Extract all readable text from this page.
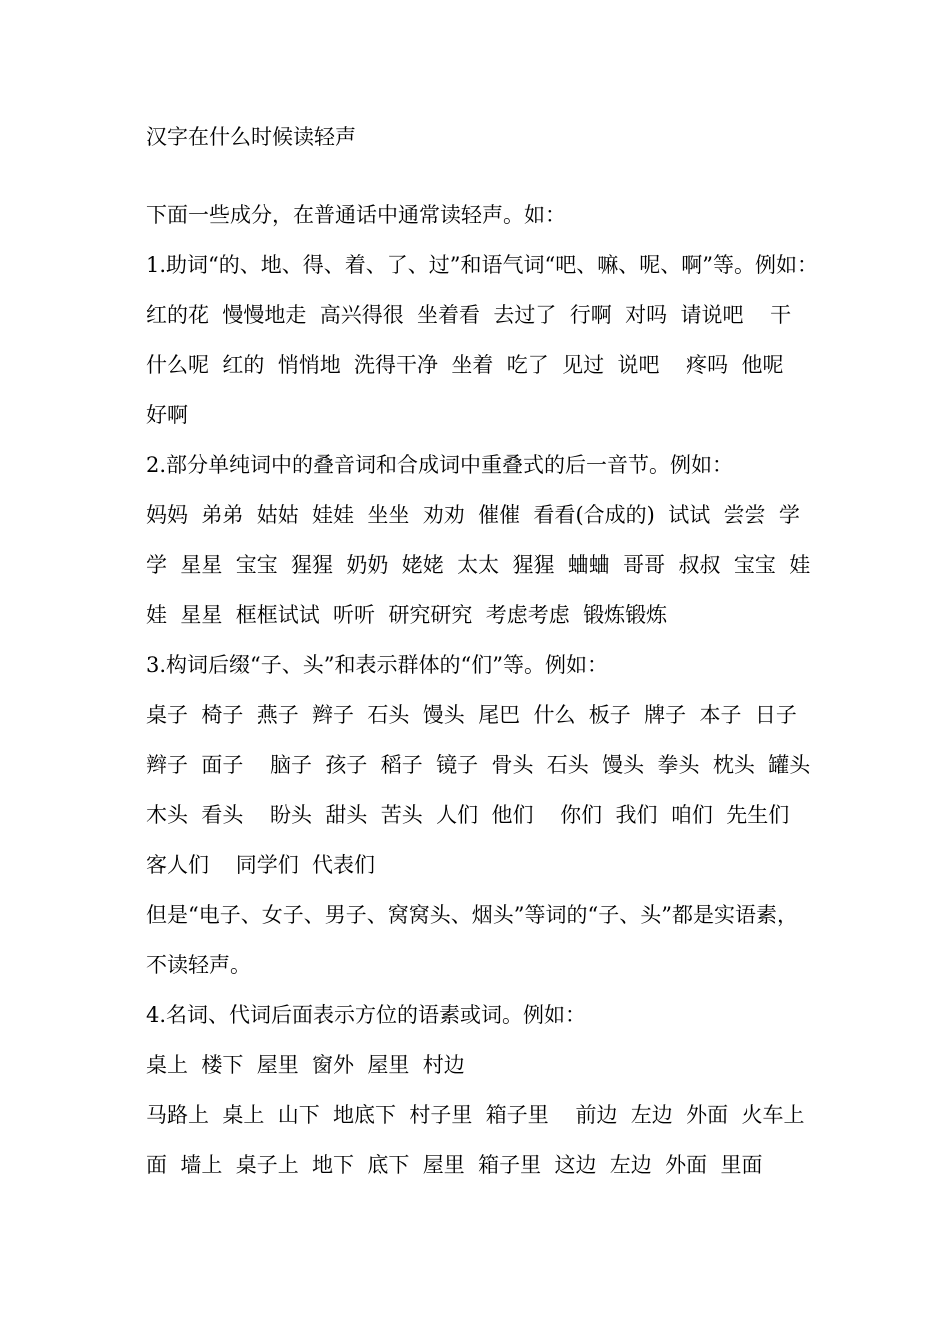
汉字在什么时候读轻声
下面一些成分，在普通话中通常读轻声。如：
1.助词“的、地、得、着、了、过”和语气词“吧、嘛、呢、啊”等。例如：
红的花  慢慢地走  高兴得很  坐着看  去过了  行啊  对吗  请说吧    干
什么呢  红的  悄悄地  洗得干净  坐着  吃了  见过  说吧    疼吗  他呢
好啊
2.部分单纯词中的叠音词和合成词中重叠式的后一音节。例如：
妈妈  弟弟  姑姑  娃娃  坐坐  劝劝  催催  看看(合成的)  试试  尝尝  学
学  星星  宝宝  猩猩  奶奶  姥姥  太太  猩猩  蛐蛐  哥哥  叔叔  宝宝  娃
娃  星星  框框试试  听听  研究研究  考虑考虑  锻炼锻炼
3.构词后缀“子、头”和表示群体的“们”等。例如：
桌子  椅子  燕子  辫子  石头  馒头  尾巴  什么  板子  牌子  本子  日子
辫子  面子    脑子  孩子  稻子  镜子  骨头  石头  馒头  拳头  枕头  罐头
木头  看头    盼头  甜头  苦头  人们  他们    你们  我们  咱们  先生们
客人们    同学们  代表们
但是“电子、女子、男子、窝窝头、烟头”等词的“子、头”都是实语素，
不读轻声。
4.名词、代词后面表示方位的语素或词。例如：
桌上  楼下  屋里  窗外  屋里  村边
马路上  桌上  山下  地底下  村子里  箱子里    前边  左边  外面  火车上
面  墙上  桌子上  地下  底下  屋里  箱子里  这边  左边  外面  里面
